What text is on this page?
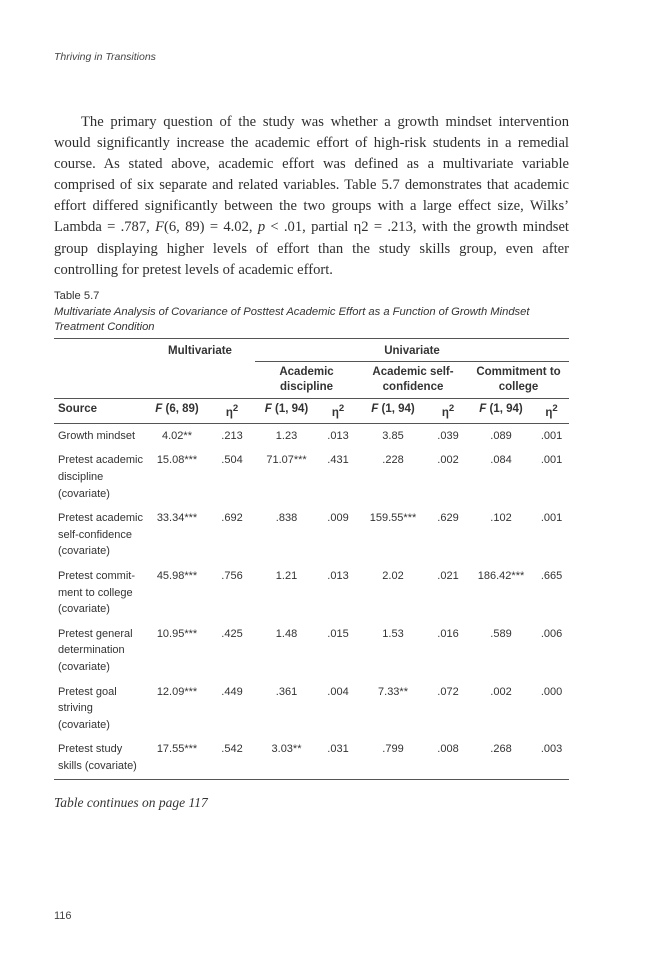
Thriving in Transitions

The primary question of the study was whether a growth mindset intervention would significantly increase the academic effort of high-risk students in a remedial course. As stated above, academic effort was defined as a multivariate variable comprised of six separate and related variables. Table 5.7 demonstrates that academic effort differed significantly between the two groups with a large effect size, Wilks’ Lambda = .787, F(6, 89) = 4.02, p < .01, partial η2 = .213, with the growth mindset group displaying higher levels of effort than the study skills group, even after controlling for pretest levels of academic effort.

Table 5.7
Multivariate Analysis of Covariance of Posttest Academic Effort as a Function of Growth Mindset Treatment Condition
	Multivariate		Univariate					
			Academic discipline		Academic self-confidence		Commitment to college	
Source	F (6, 89)	$\eta^2$	F (1, 94)	$\eta^2$	F (1, 94)	$\eta^2$	F (1, 94)	$\eta^2$
Growth mindset	4.02**	.213	1.23	.013	3.85	.039	.089	.001
Pretest academic discipline (covariate)	15.08***	.504	71.07***	.431	.228	.002	.084	.001
Pretest academic self-confidence (covariate)	33.34***	.692	.838	.009	159.55***	.629	.102	.001
Pretest commit-ment to college (covariate)	45.98***	.756	1.21	.013	2.02	.021	186.42***	.665
Pretest general determination (covariate)	10.95***	.425	1.48	.015	1.53	.016	.589	.006
Pretest goal striving (covariate)	12.09***	.449	.361	.004	7.33**	.072	.002	.000
Pretest study skills (covariate)	17.55***	.542	3.03**	.031	.799	.008	.268	.003
Table continues on page 117
116
